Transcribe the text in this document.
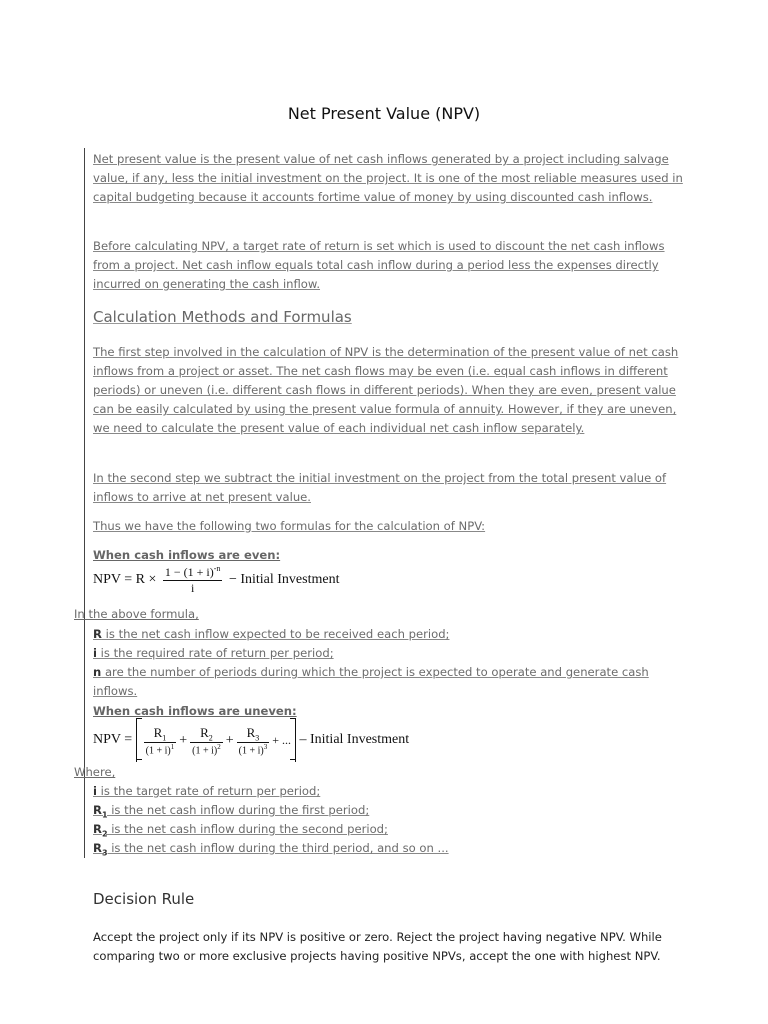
Net Present Value (NPV)

Net present value is the present value of net cash inflows generated by a project including salvage value, if any, less the initial investment on the project. It is one of the most reliable measures used in capital budgeting because it accounts fortime value of money by using discounted cash inflows.

Before calculating NPV, a target rate of return is set which is used to discount the net cash inflows from a project. Net cash inflow equals total cash inflow during a period less the expenses directly incurred on generating the cash inflow.

Calculation Methods and Formulas

The first step involved in the calculation of NPV is the determination of the present value of net cash inflows from a project or asset. The net cash flows may be even (i.e. equal cash inflows in different periods) or uneven (i.e. different cash flows in different periods). When they are even, present value can be easily calculated by using the present value formula of annuity. However, if they are uneven, we need to calculate the present value of each individual net cash inflow separately.

In the second step we subtract the initial investment on the project from the total present value of inflows to arrive at net present value.

Thus we have the following two formulas for the calculation of NPV:

When cash inflows are even:
NPV = $R \times \frac{1 - (1 + i)^{-n}}{i}$ − Initial Investment
In the above formula,
R is the net cash inflow expected to be received each period;
i is the required rate of return per period;
n are the number of periods during which the project is expected to operate and generate cash
inflows.
When cash inflows are uneven:
NPV = $\frac{R_1}{(1 + i)^1} + \frac{R_2}{(1 + i)^2} + \frac{R_3}{(1 + i)^3}$ + ... – Initial Investment
Where,
i is the target rate of return per period;
$R_1$ is the net cash inflow during the first period;
$R_2$ is the net cash inflow during the second period;
$R_3$ is the net cash inflow during the third period, and so on ...
Decision Rule

Accept the project only if its NPV is positive or zero. Reject the project having negative NPV. While comparing two or more exclusive projects having positive NPVs, accept the one with highest NPV.
